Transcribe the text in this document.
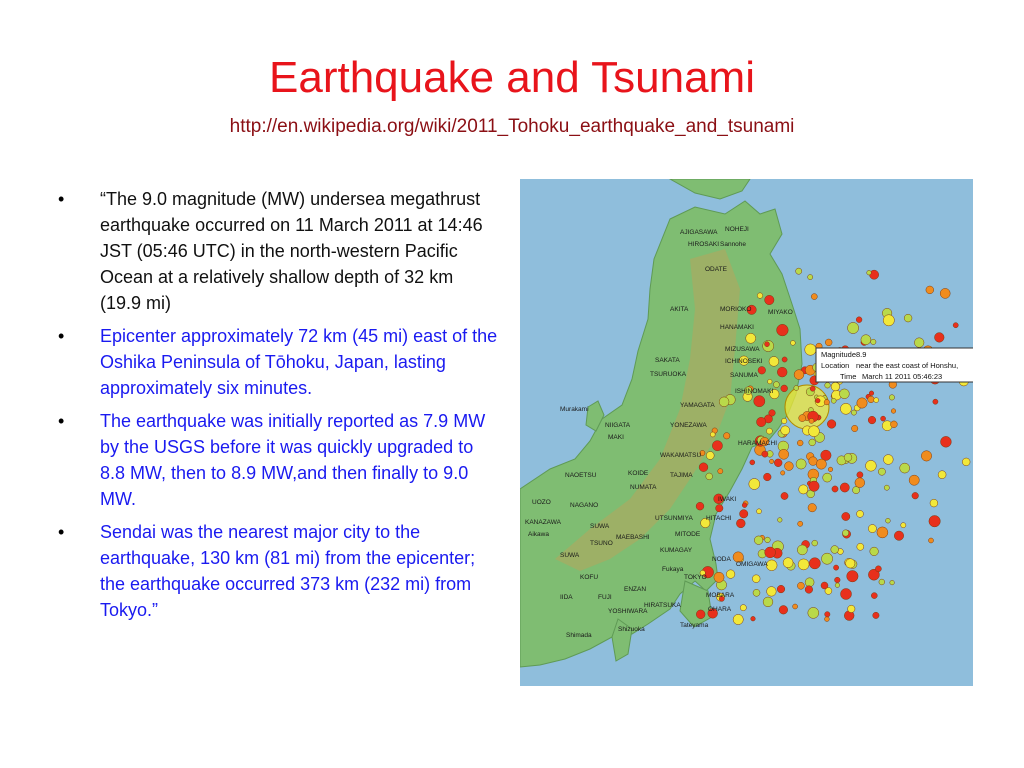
Earthquake and Tsunami
http://en.wikipedia.org/wiki/2011_Tohoku_earthquake_and_tsunami
•	“The 9.0 magnitude (MW) undersea megathrust earthquake occurred on 11 March 2011 at 14:46 JST (05:46 UTC) in the north-western Pacific Ocean at a relatively shallow depth of 32 km (19.9 mi)
•	Epicenter approximately 72 km (45 mi) east of the Oshika Peninsula of Tōhoku, Japan, lasting approximately six minutes.
•	The earthquake was initially reported as 7.9 MW by the USGS before it was quickly upgraded to 8.8 MW, then to 8.9 MW,and then finally to 9.0 MW.
•	Sendai was the nearest major city to the earthquake, 130 km (81 mi) from the epicenter; the earthquake occurred 373 km (232 mi) from Tokyo.”
AJIGASAWA NOHEJI
HIROSAKI Sannohe
ODATE
AKITA	MORIOKO	MIYAKO
HANAMAKI
MIZUSAWA
ICHINOSEKI
SAKATA
TSURUOKA	SANUMA
ISHINOMAKI
Murakami
YAMAGATA
NIIGATA
MAKI
YONEZAWA
HARAMACHI
WAKAMATSU
NAOETSU	KOIDE	TAJIMA
IWAKI
NAGANO
NUMATA
UTSUNMIYA HITACHI
SUWA
MAEBASHI	MITODE
Aikawa
SUWA
KUMAGAY
NODA
KOFU
ENZAN
TOKYO
MOBARA
FUJI
HIRATSUKA
OHARA
YOSHIWARA
Shizuoka
Tateyama
Shimada
IIDA
UOZO
KANAZAWA
OMIGAWA
Fukaya
TSUNO
Magnitude 8.9
Location near the east coast of Honshu,
Time March 11 2011 05:46:23
